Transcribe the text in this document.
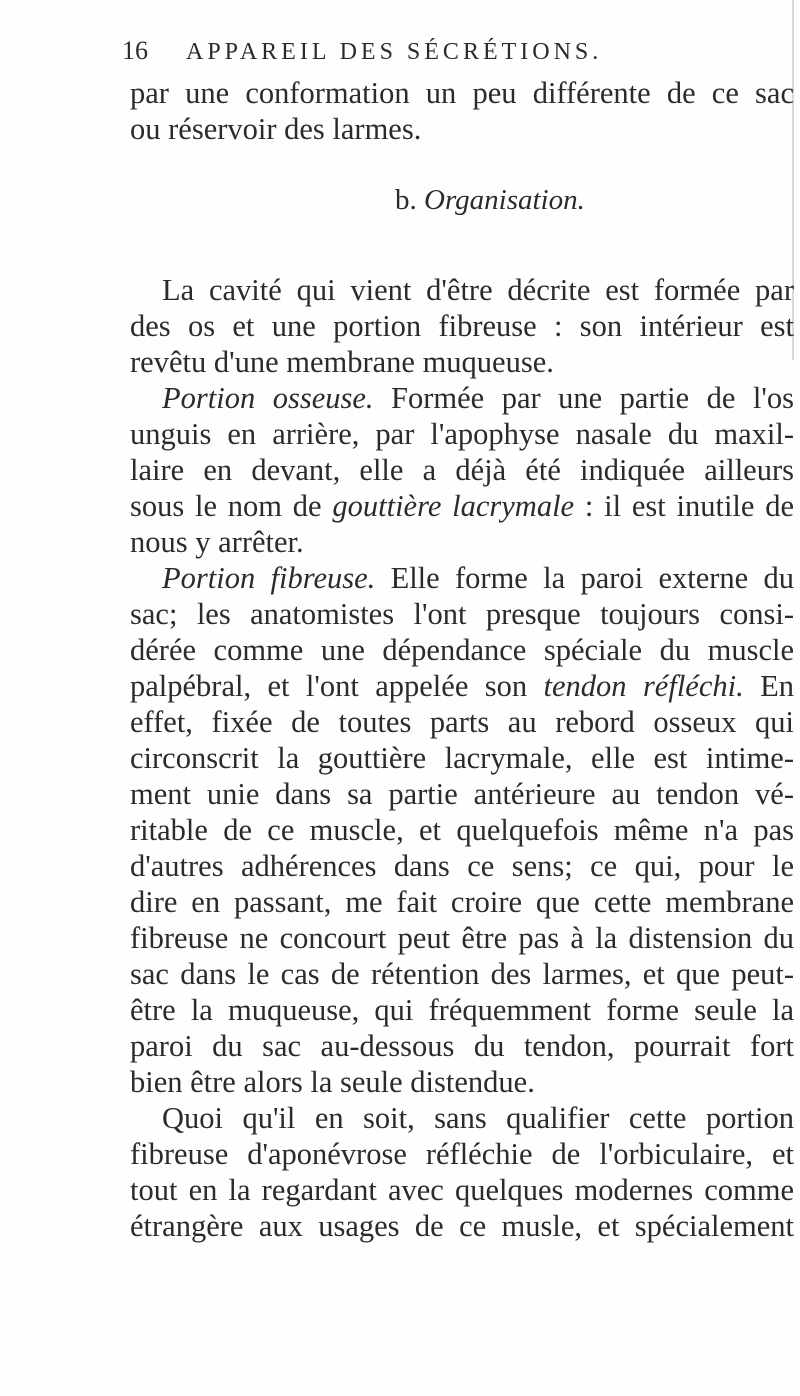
16 APPAREIL DES SÉCRÉTIONS.
par une conformation un peu différente de ce sac
ou réservoir des larmes.
b. Organisation.
La cavité qui vient d'être décrite est formée par
des os et une portion fibreuse : son intérieur est
revêtu d'une membrane muqueuse.
Portion osseuse. Formée par une partie de l'os
unguis en arrière, par l'apophyse nasale du maxil-
laire en devant, elle a déjà été indiquée ailleurs
sous le nom de gouttière lacrymale : il est inutile de
nous y arrêter.
Portion fibreuse. Elle forme la paroi externe du
sac; les anatomistes l'ont presque toujours consi-
dérée comme une dépendance spéciale du muscle
palpébral, et l'ont appelée son tendon réfléchi. En
effet, fixée de toutes parts au rebord osseux qui
circonscrit la gouttière lacrymale, elle est intime-
ment unie dans sa partie antérieure au tendon vé-
ritable de ce muscle, et quelquefois même n'a pas
d'autres adhérences dans ce sens; ce qui, pour le
dire en passant, me fait croire que cette membrane
fibreuse ne concourt peut être pas à la distension du
sac dans le cas de rétention des larmes, et que peut-
être la muqueuse, qui fréquemment forme seule la
paroi du sac au-dessous du tendon, pourrait fort
bien être alors la seule distendue.
Quoi qu'il en soit, sans qualifier cette portion
fibreuse d'aponévrose réfléchie de l'orbiculaire, et
tout en la regardant avec quelques modernes comme
étrangère aux usages de ce musle, et spécialement
